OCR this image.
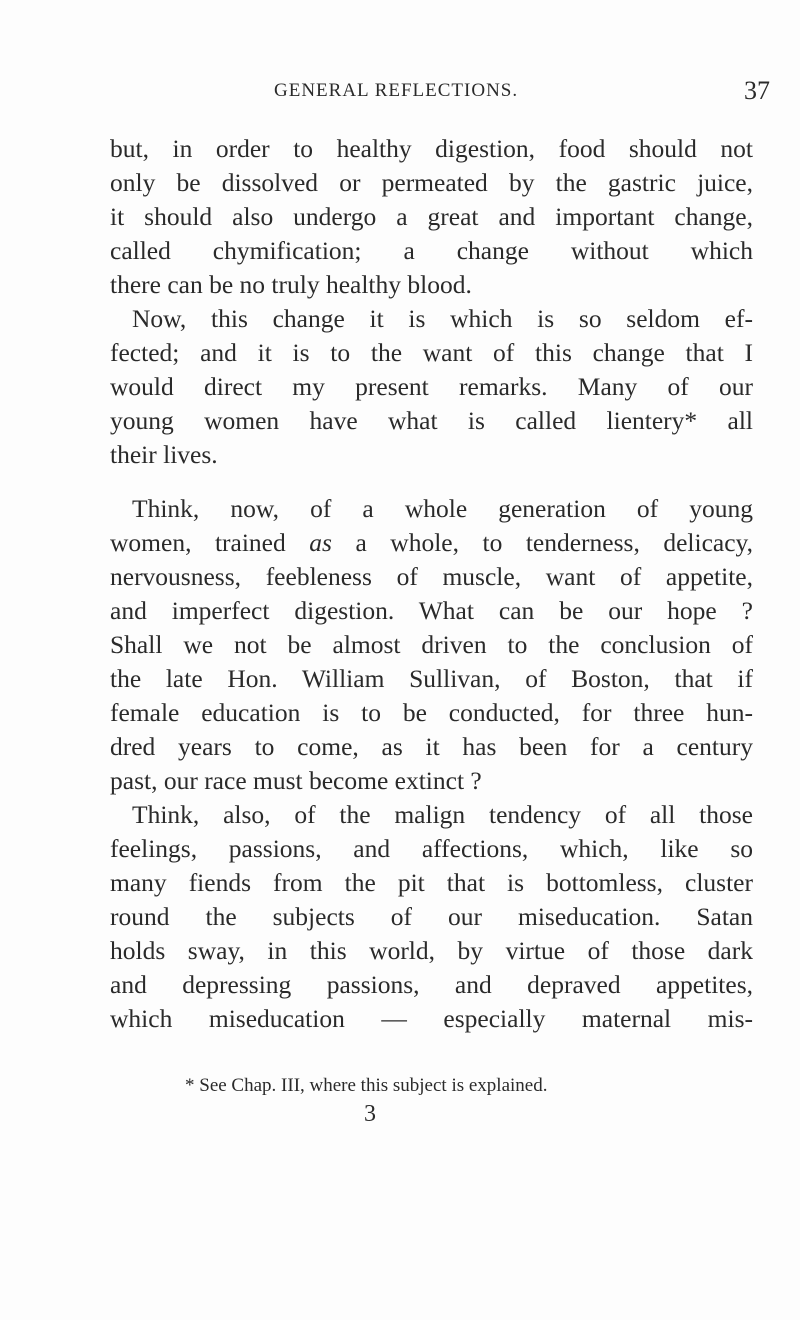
GENERAL REFLECTIONS.	37
but, in order to healthy digestion, food should not
only be dissolved or permeated by the gastric juice,
it should also undergo a great and important change,
called chymification; a change without which
there can be no truly healthy blood.
Now, this change it is which is so seldom ef-
fected; and it is to the want of this change that I
would direct my present remarks. Many of our
young women have what is called lientery* all
their lives.
Think, now, of a whole generation of young
women, trained as a whole, to tenderness, delicacy,
nervousness, feebleness of muscle, want of appetite,
and imperfect digestion. What can be our hope ?
Shall we not be almost driven to the conclusion of
the late Hon. William Sullivan, of Boston, that if
female education is to be conducted, for three hun-
dred years to come, as it has been for a century
past, our race must become extinct ?
Think, also, of the malign tendency of all those
feelings, passions, and affections, which, like so
many fiends from the pit that is bottomless, cluster
round the subjects of our miseducation. Satan
holds sway, in this world, by virtue of those dark
and depressing passions, and depraved appetites,
which miseducation — especially maternal mis-
* See Chap. III, where this subject is explained.
3
